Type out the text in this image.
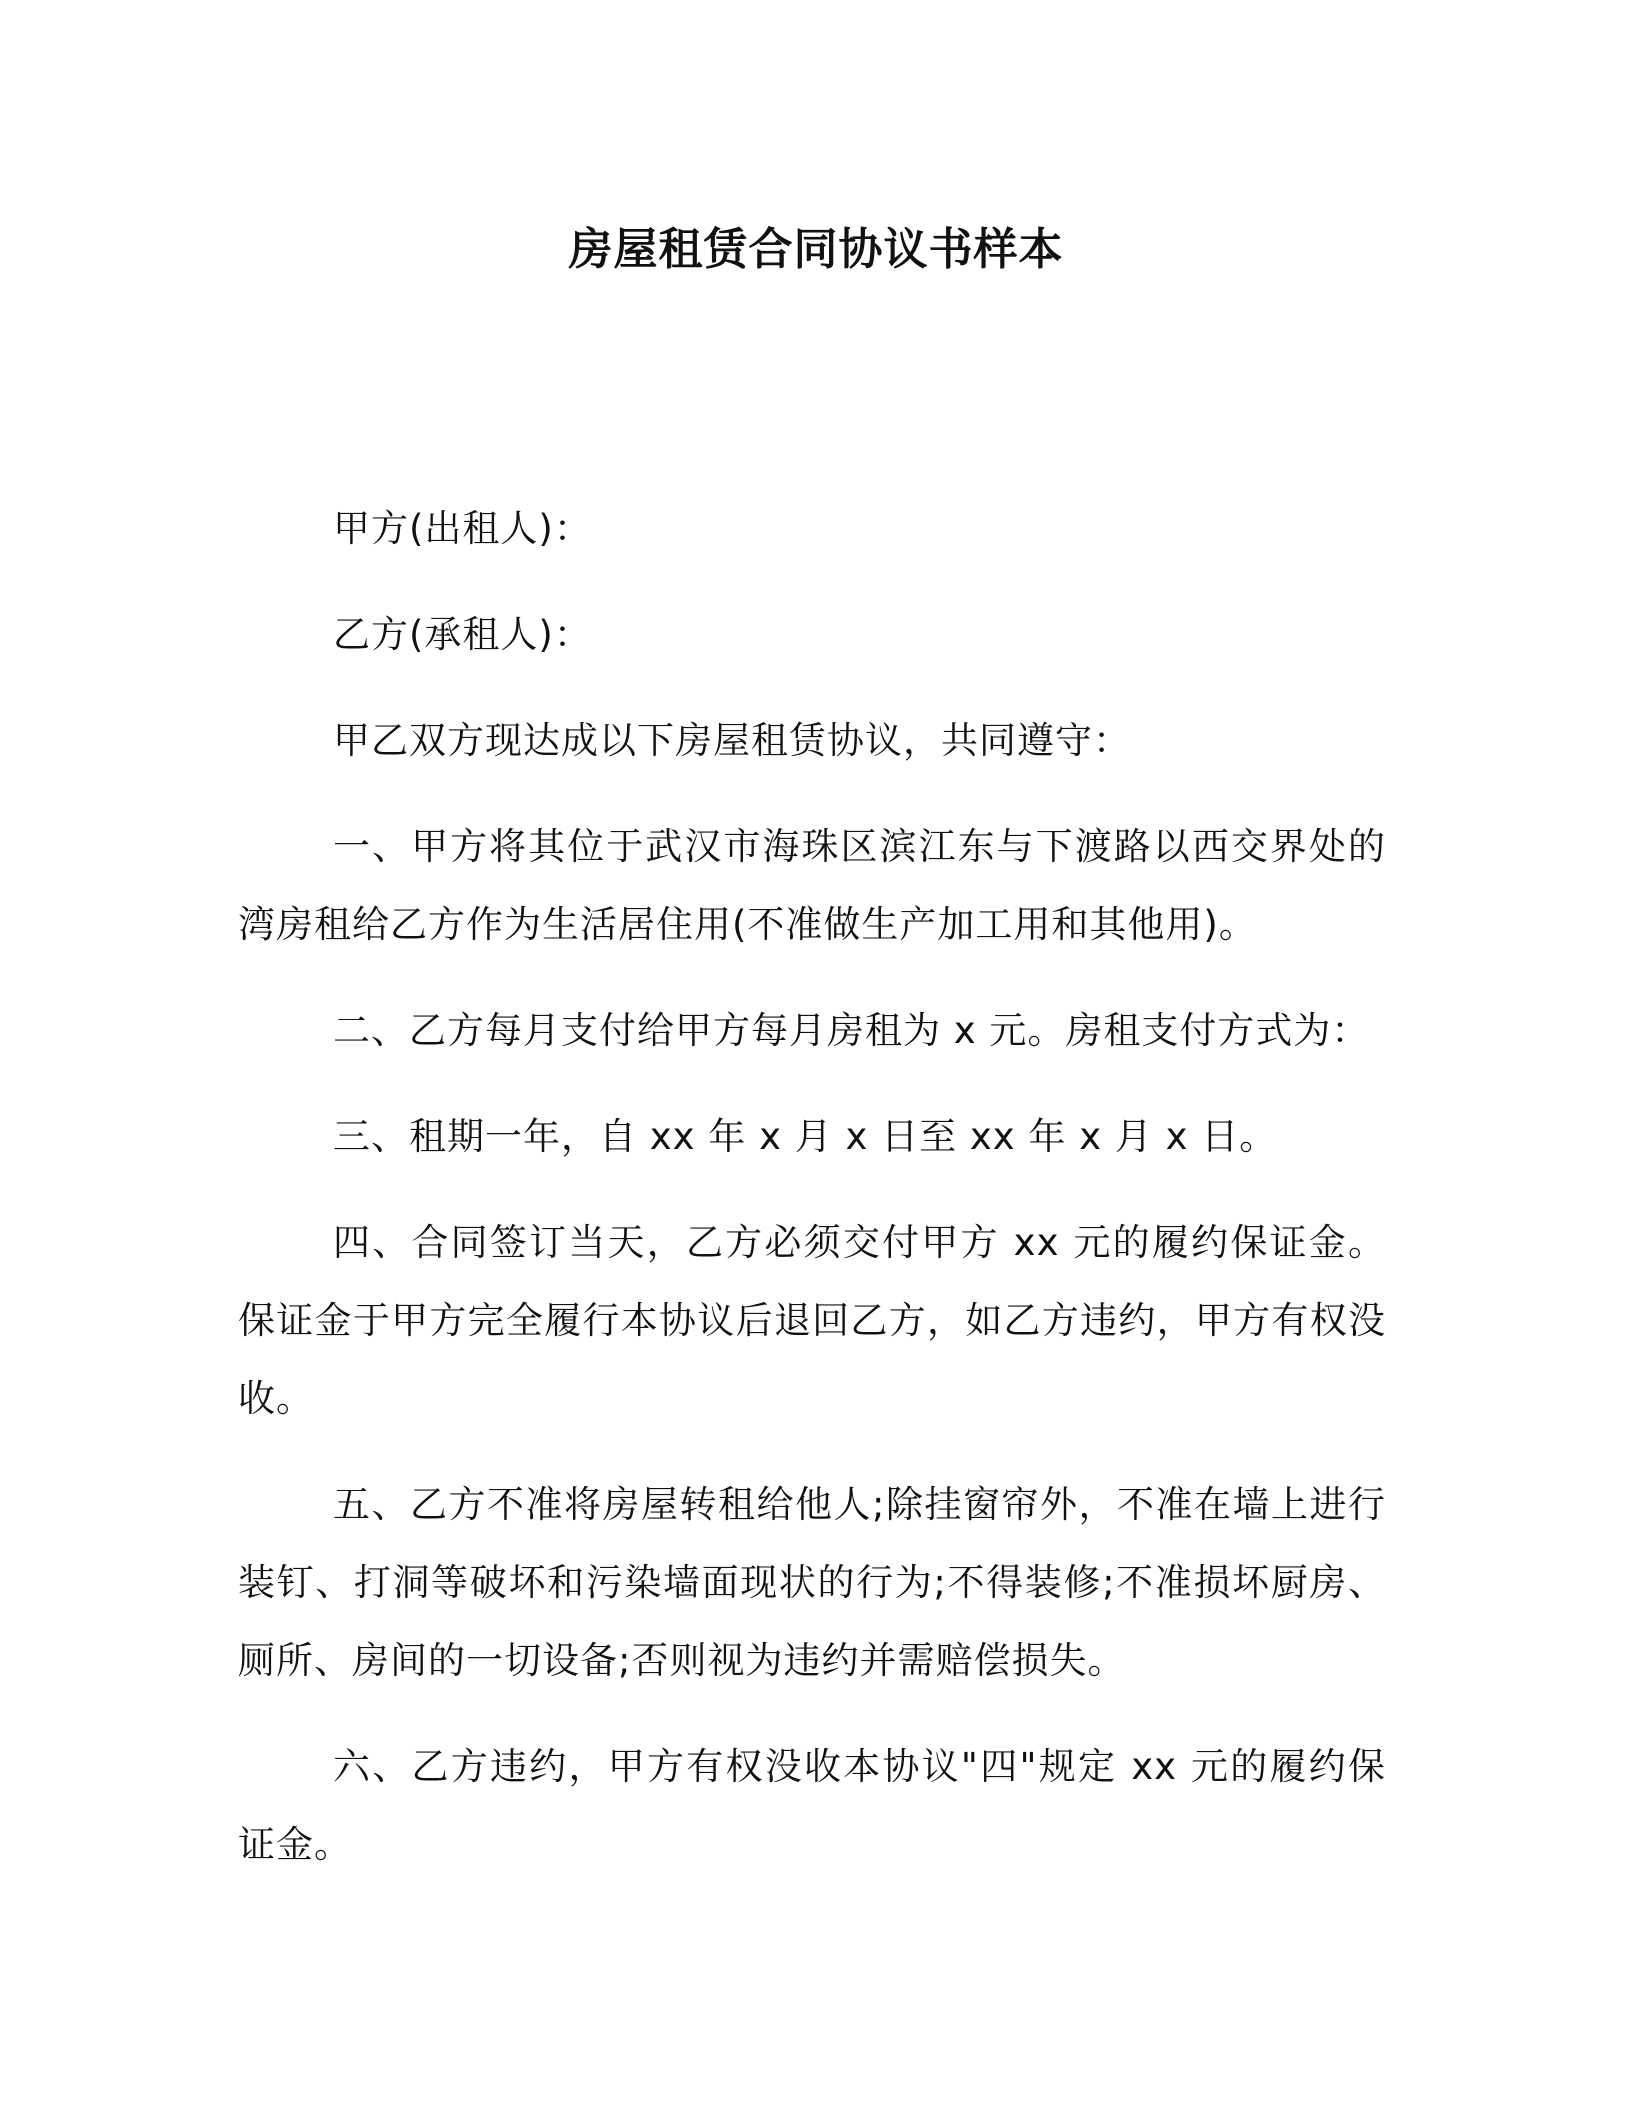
房屋租赁合同协议书样本

甲方(出租人)：

乙方(承租人)：

甲乙双方现达成以下房屋租赁协议，共同遵守：

一、甲方将其位于武汉市海珠区滨江东与下渡路以西交界处的湾房租给乙方作为生活居住用(不准做生产加工用和其他用)。

二、乙方每月支付给甲方每月房租为 x 元。房租支付方式为：

三、租期一年，自 xx 年 x 月 x 日至 xx 年 x 月 x 日。

四、合同签订当天，乙方必须交付甲方 xx 元的履约保证金。保证金于甲方完全履行本协议后退回乙方，如乙方违约，甲方有权没收。

五、乙方不准将房屋转租给他人;除挂窗帘外，不准在墙上进行装钉、打洞等破坏和污染墙面现状的行为;不得装修;不准损坏厨房、厕所、房间的一切设备;否则视为违约并需赔偿损失。

六、乙方违约，甲方有权没收本协议"四"规定 xx 元的履约保证金。
